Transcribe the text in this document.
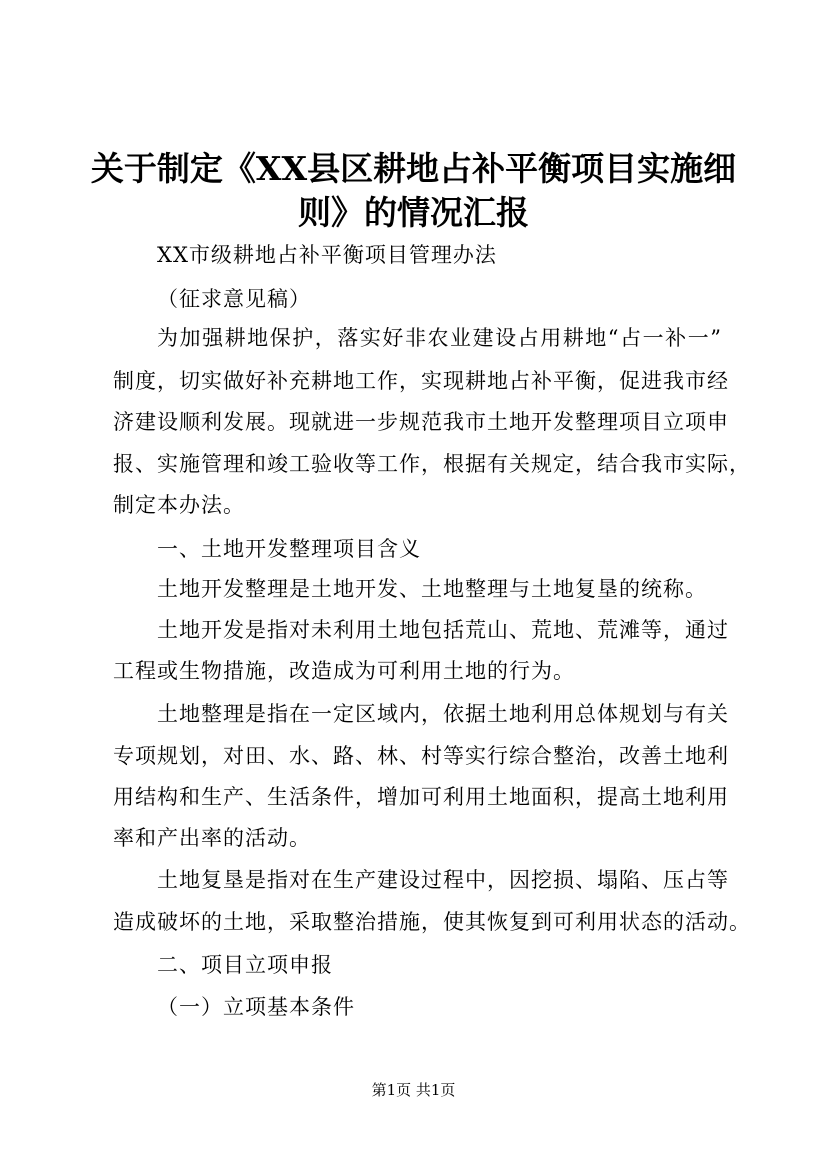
关于制定《XX县区耕地占补平衡项目实施细
则》的情况汇报
XX市级耕地占补平衡项目管理办法
（征求意见稿）
为加强耕地保护，落实好非农业建设占用耕地“占一补一”
制度，切实做好补充耕地工作，实现耕地占补平衡，促进我市经
济建设顺利发展。现就进一步规范我市土地开发整理项目立项申
报、实施管理和竣工验收等工作，根据有关规定，结合我市实际，
制定本办法。
一、土地开发整理项目含义
土地开发整理是土地开发、土地整理与土地复垦的统称。
土地开发是指对未利用土地包括荒山、荒地、荒滩等，通过
工程或生物措施，改造成为可利用土地的行为。
土地整理是指在一定区域内，依据土地利用总体规划与有关
专项规划，对田、水、路、林、村等实行综合整治，改善土地利
用结构和生产、生活条件，增加可利用土地面积，提高土地利用
率和产出率的活动。
土地复垦是指对在生产建设过程中，因挖损、塌陷、压占等
造成破坏的土地，采取整治措施，使其恢复到可利用状态的活动。
二、项目立项申报
（一）立项基本条件
第1页 共1页
